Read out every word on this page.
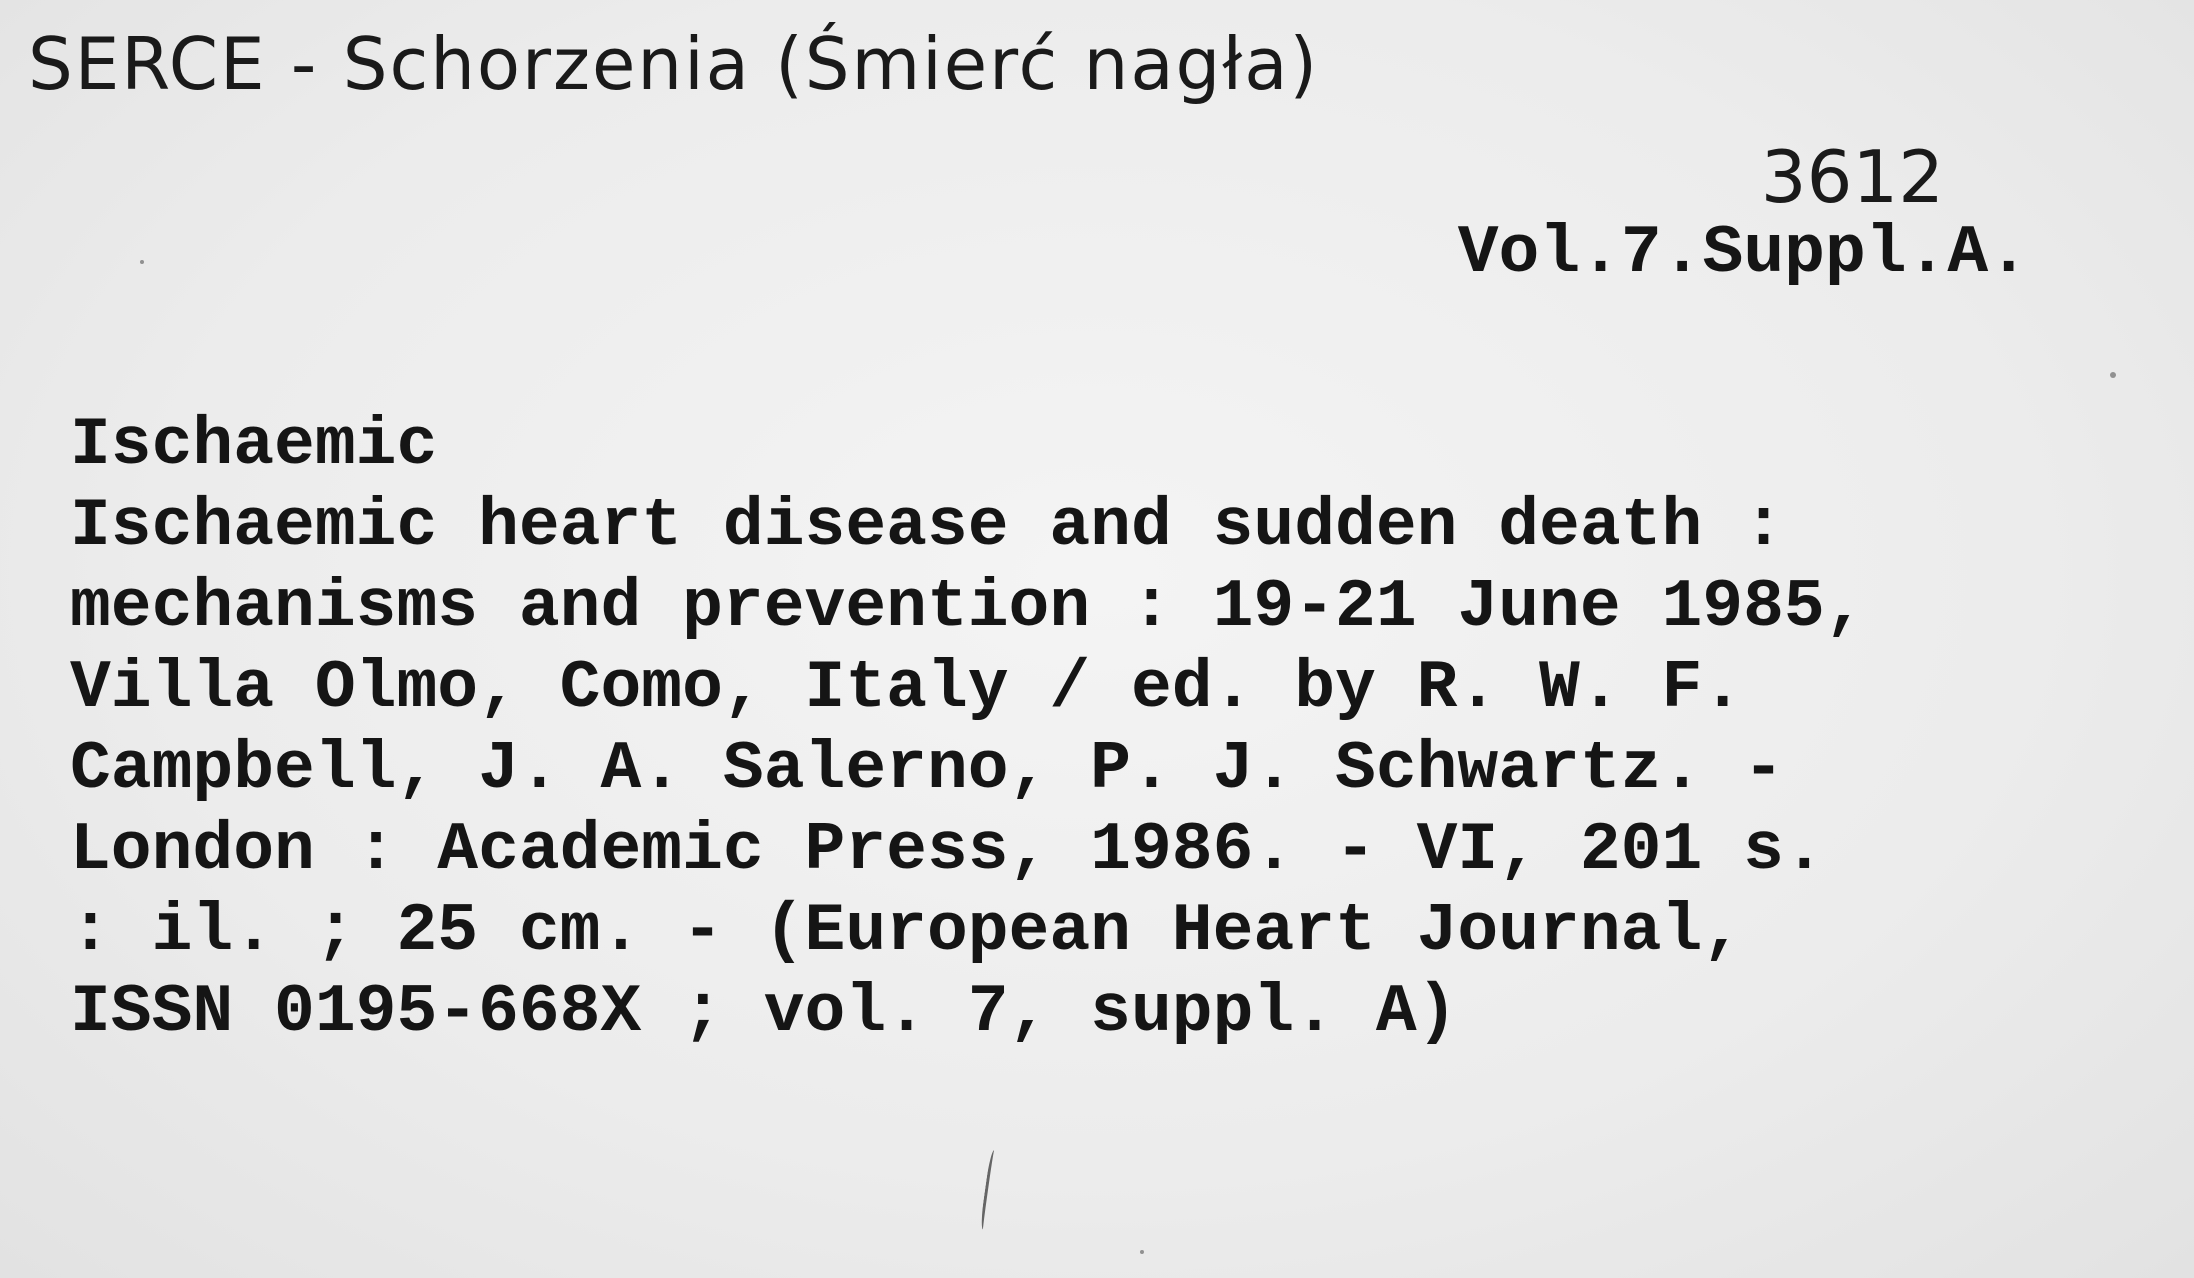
SERCE - Schorzenia (Śmierć nagła)
3612
Vol.7.Suppl.A.
Ischaemic
Ischaemic heart disease and sudden death :
mechanisms and prevention : 19-21 June 1985,
Villa Olmo, Como, Italy / ed. by R. W. F.
Campbell, J. A. Salerno, P. J. Schwartz. -
London : Academic Press, 1986. - VI, 201 s.
: il. ; 25 cm. - (European Heart Journal,
ISSN 0195-668X ; vol. 7, suppl. A)
